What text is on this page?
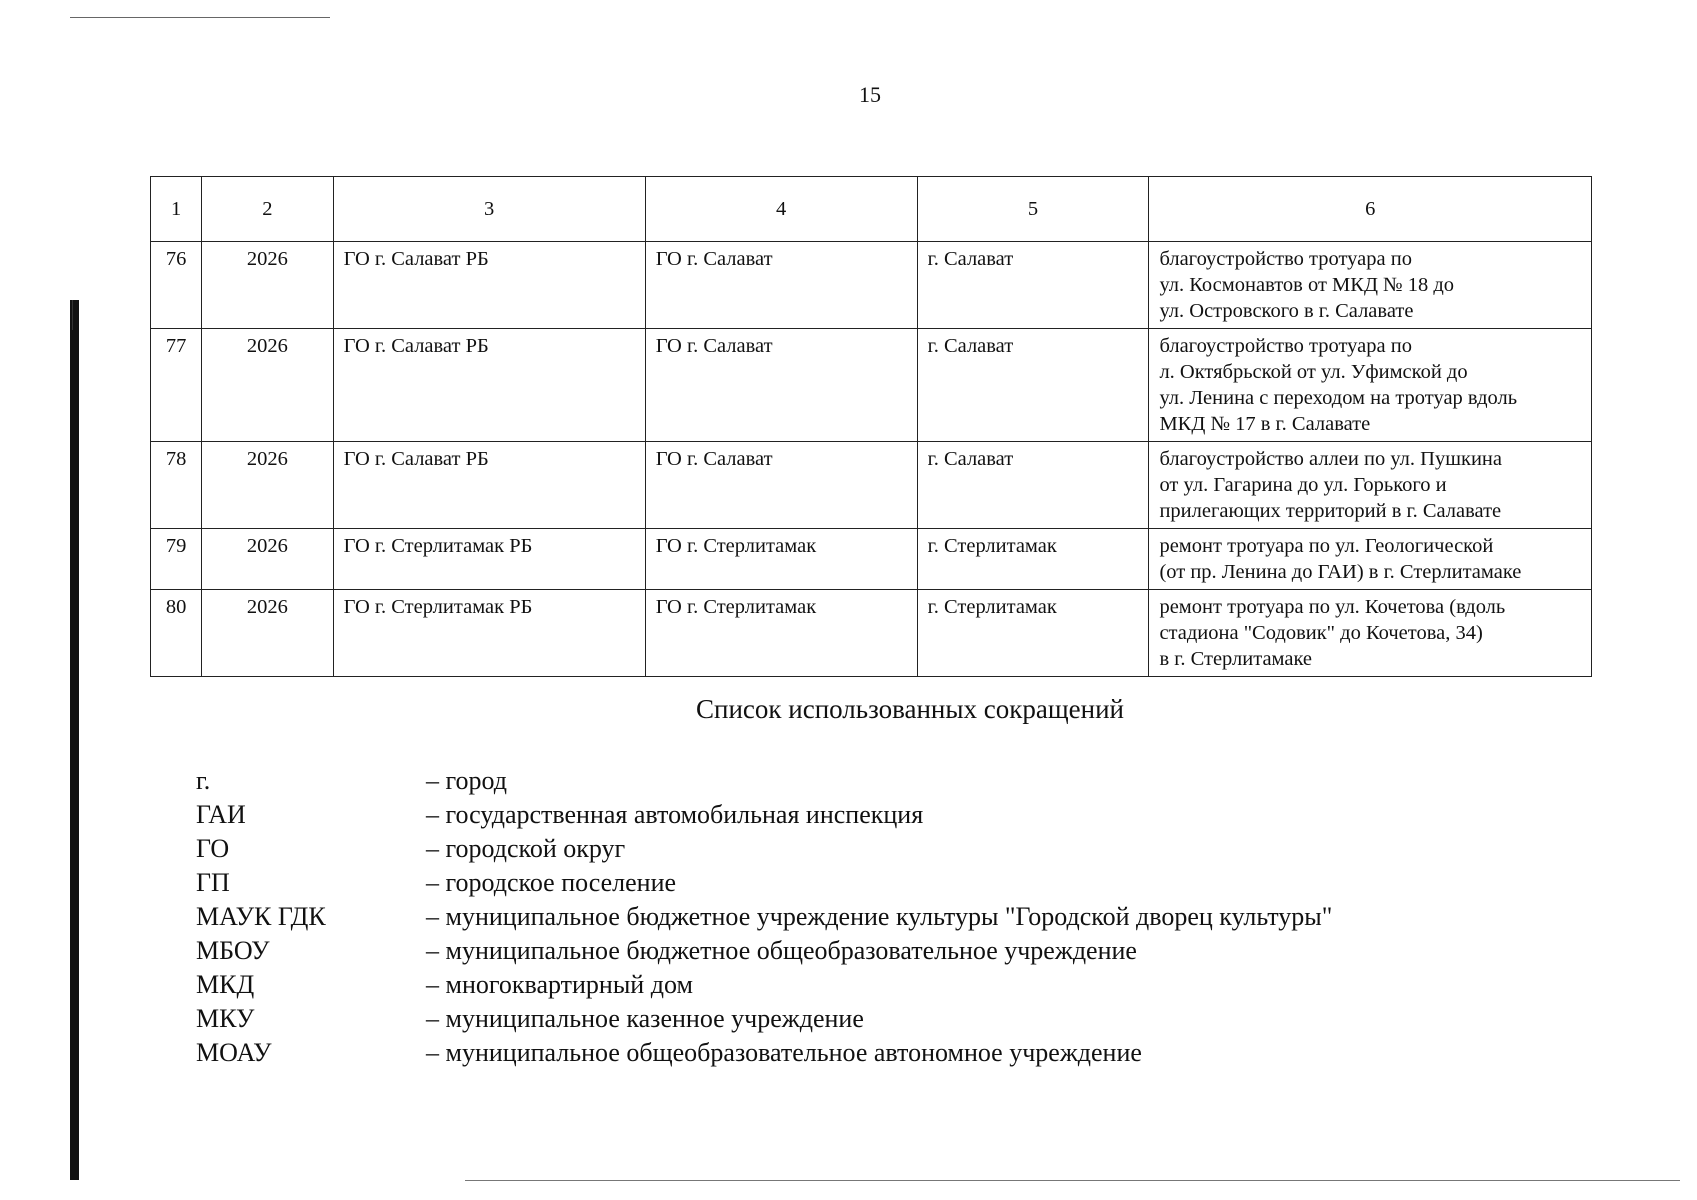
15
1	2	3	4	5	6
76	2026	ГО г. Салават РБ	ГО г. Салават	г. Салават	благоустройство тротуара по
ул. Космонавтов от МКД № 18 до
ул. Островского в г. Салавате
77	2026	ГО г. Салават РБ	ГО г. Салават	г. Салават	благоустройство тротуара по
л. Октябрьской от ул. Уфимской до
ул. Ленина с переходом на тротуар вдоль
МКД № 17 в г. Салавате
78	2026	ГО г. Салават РБ	ГО г. Салават	г. Салават	благоустройство аллеи по ул. Пушкина
от ул. Гагарина до ул. Горького и
прилегающих территорий в г. Салавате
79	2026	ГО г. Стерлитамак РБ	ГО г. Стерлитамак	г. Стерлитамак	ремонт тротуара по ул. Геологической
(от пр. Ленина до ГАИ) в г. Стерлитамаке
80	2026	ГО г. Стерлитамак РБ	ГО г. Стерлитамак	г. Стерлитамак	ремонт тротуара по ул. Кочетова (вдоль
стадиона "Содовик" до Кочетова, 34)
в г. Стерлитамаке
Список использованных сокращений
г.	– город
ГАИ	– государственная автомобильная инспекция
ГО	– городской округ
ГП	– городское поселение
МАУК ГДК	– муниципальное бюджетное учреждение культуры "Городской дворец культуры"
МБОУ	– муниципальное бюджетное общеобразовательное учреждение
МКД	– многоквартирный дом
МКУ	– муниципальное казенное учреждение
МОАУ	– муниципальное общеобразовательное автономное учреждение
